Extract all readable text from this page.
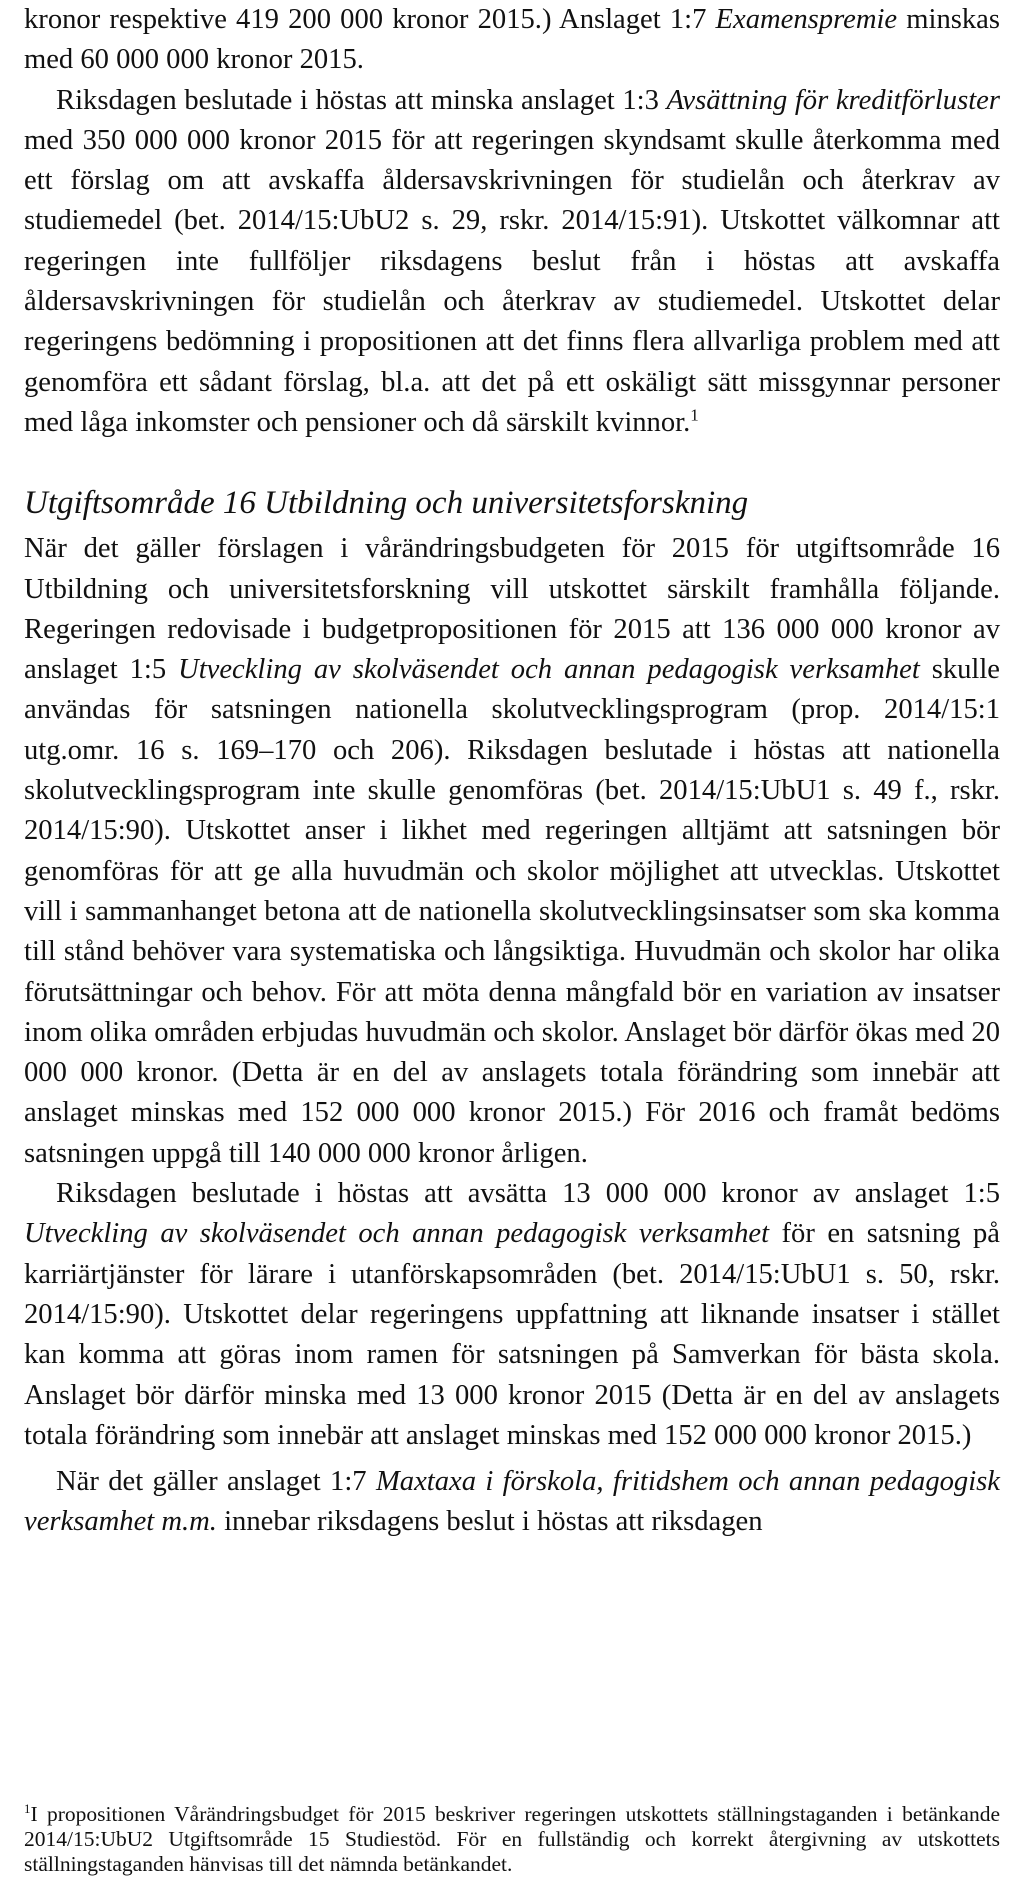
kronor respektive 419 200 000 kronor 2015.) Anslaget 1:7 Examenspremie minskas med 60 000 000 kronor 2015.

Riksdagen beslutade i höstas att minska anslaget 1:3 Avsättning för kreditförluster med 350 000 000 kronor 2015 för att regeringen skyndsamt skulle återkomma med ett förslag om att avskaffa åldersavskrivningen för studielån och återkrav av studiemedel (bet. 2014/15:UbU2 s. 29, rskr. 2014/15:91). Utskottet välkomnar att regeringen inte fullföljer riksdagens beslut från i höstas att avskaffa åldersavskrivningen för studielån och återkrav av studiemedel. Utskottet delar regeringens bedömning i propositionen att det finns flera allvarliga problem med att genomföra ett sådant förslag, bl.a. att det på ett oskäligt sätt missgynnar personer med låga inkomster och pensioner och då särskilt kvinnor.$^1$

Utgiftsområde 16 Utbildning och universitetsforskning

När det gäller förslagen i vårändringsbudgeten för 2015 för utgiftsområde 16 Utbildning och universitetsforskning vill utskottet särskilt framhålla följande. Regeringen redovisade i budgetpropositionen för 2015 att 136 000 000 kronor av anslaget 1:5 Utveckling av skolväsendet och annan pedagogisk verksamhet skulle användas för satsningen nationella skolutvecklingsprogram (prop. 2014/15:1 utg.omr. 16 s. 169–170 och 206). Riksdagen beslutade i höstas att nationella skolutvecklingsprogram inte skulle genomföras (bet. 2014/15:UbU1 s. 49 f., rskr. 2014/15:90). Utskottet anser i likhet med regeringen alltjämt att satsningen bör genomföras för att ge alla huvudmän och skolor möjlighet att utvecklas. Utskottet vill i sammanhanget betona att de nationella skolutvecklingsinsatser som ska komma till stånd behöver vara systematiska och långsiktiga. Huvudmän och skolor har olika förutsättningar och behov. För att möta denna mångfald bör en variation av insatser inom olika områden erbjudas huvudmän och skolor. Anslaget bör därför ökas med 20 000 000 kronor. (Detta är en del av anslagets totala förändring som innebär att anslaget minskas med 152 000 000 kronor 2015.) För 2016 och framåt bedöms satsningen uppgå till 140 000 000 kronor årligen.

Riksdagen beslutade i höstas att avsätta 13 000 000 kronor av anslaget 1:5 Utveckling av skolväsendet och annan pedagogisk verksamhet för en satsning på karriärtjänster för lärare i utanförskapsområden (bet. 2014/15:UbU1 s. 50, rskr. 2014/15:90). Utskottet delar regeringens uppfattning att liknande insatser i stället kan komma att göras inom ramen för satsningen på Samverkan för bästa skola. Anslaget bör därför minska med 13 000 kronor 2015 (Detta är en del av anslagets totala förändring som innebär att anslaget minskas med 152 000 000 kronor 2015.)

När det gäller anslaget 1:7 Maxtaxa i förskola, fritidshem och annan pedagogisk verksamhet m.m. innebar riksdagens beslut i höstas att riksdagen

$^1$I propositionen Vårändringsbudget för 2015 beskriver regeringen utskottets ställningstaganden i betänkande 2014/15:UbU2 Utgiftsområde 15 Studiestöd. För en fullständig och korrekt återgivning av utskottets ställningstaganden hänvisas till det nämnda betänkandet.
